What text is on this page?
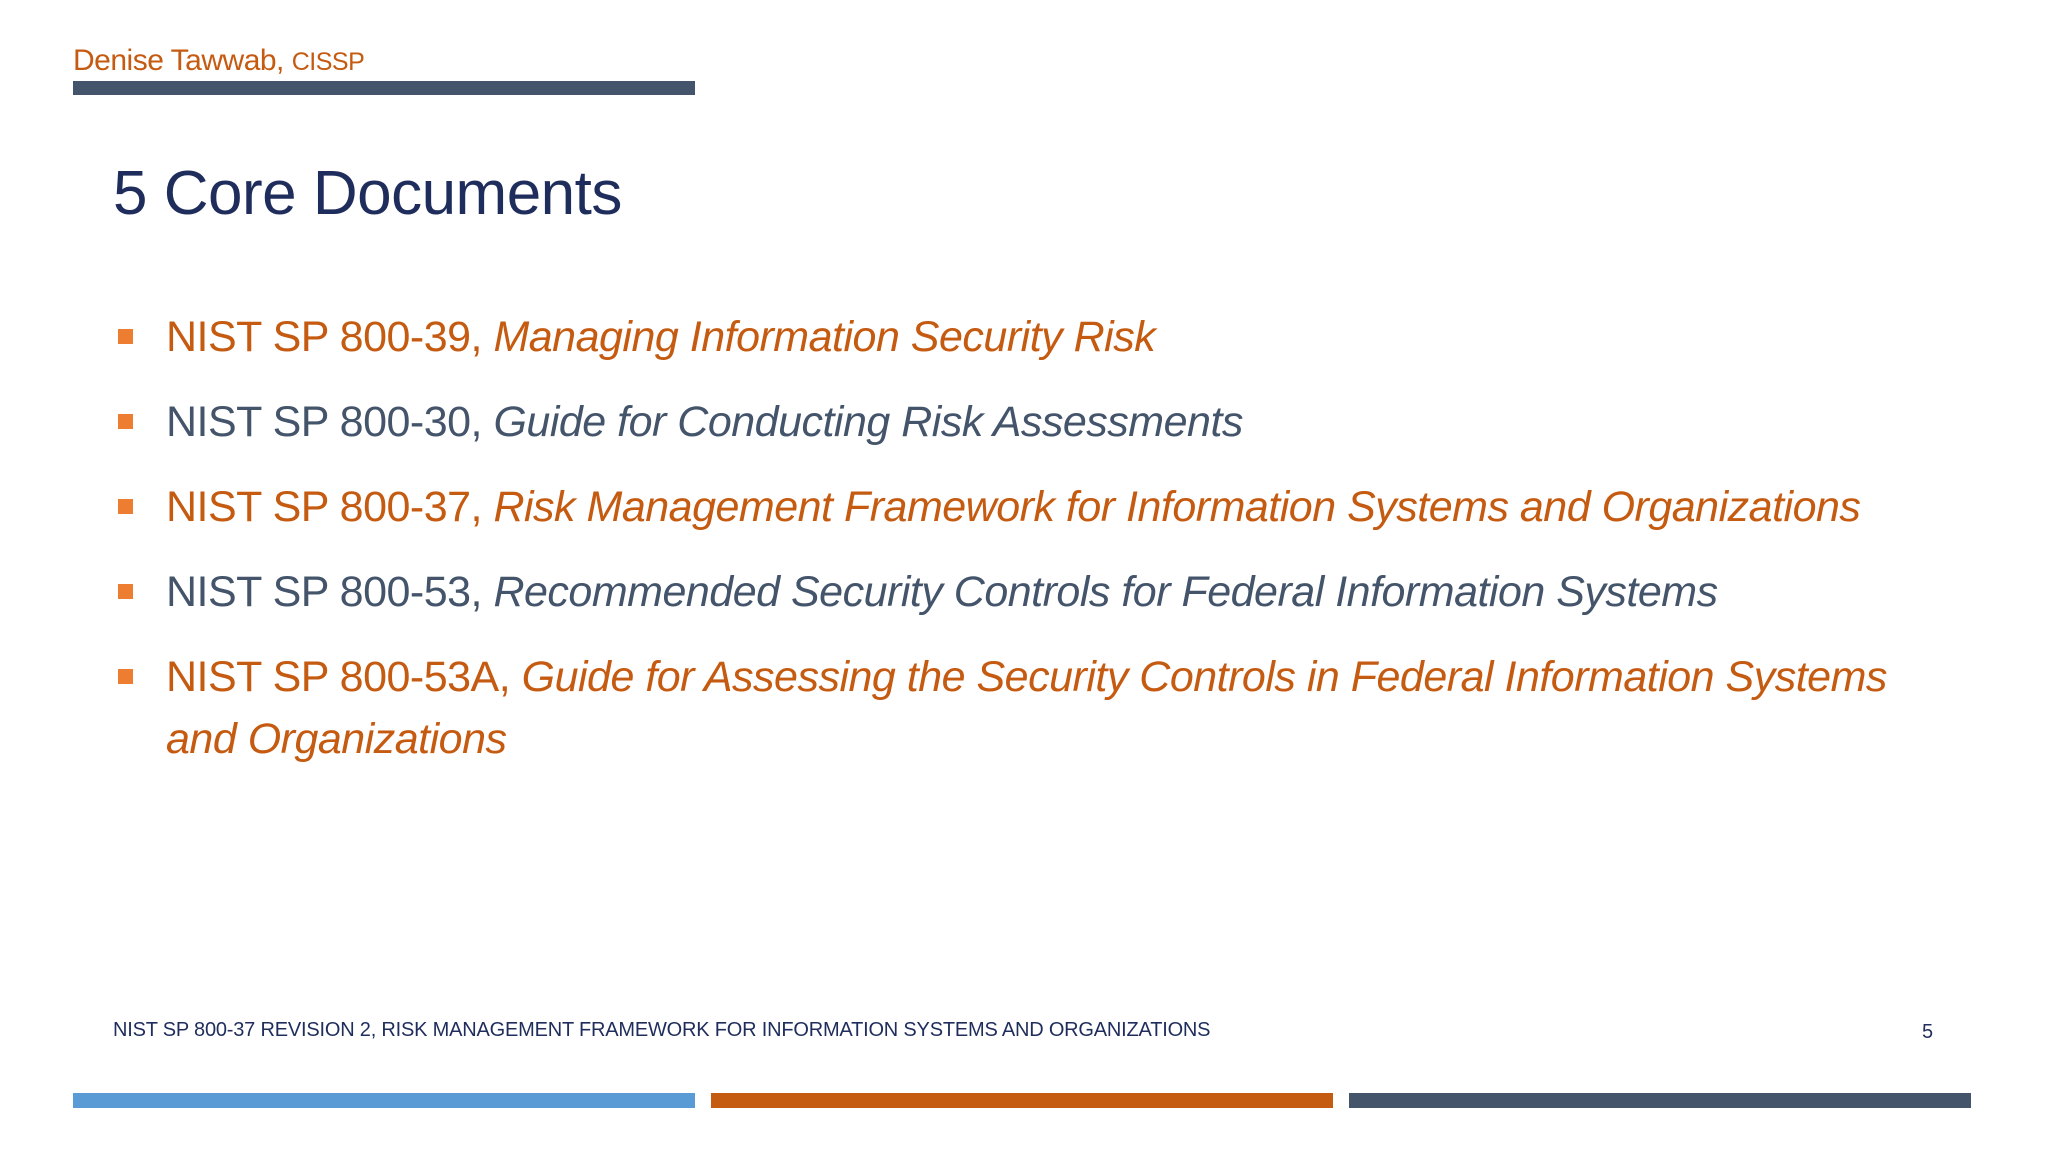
Denise Tawwab, CISSP
5 Core Documents
NIST SP 800-39, Managing Information Security Risk
NIST SP 800-30, Guide for Conducting Risk Assessments
NIST SP 800-37, Risk Management Framework for Information Systems and Organizations
NIST SP 800-53, Recommended Security Controls for Federal Information Systems
NIST SP 800-53A, Guide for Assessing the Security Controls in Federal Information Systems and Organizations
NIST SP 800-37 REVISION 2, RISK MANAGEMENT FRAMEWORK FOR INFORMATION SYSTEMS AND ORGANIZATIONS	5
